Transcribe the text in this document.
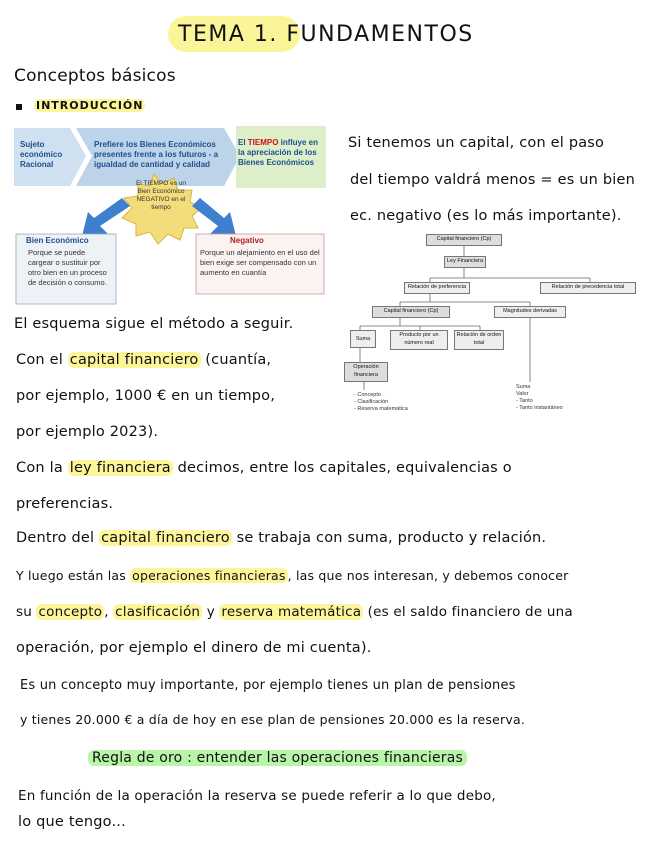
TEMA 1. FUNDAMENTOS
Conceptos básicos
INTRODUCCIÓN
Sujeto económico Racional
Prefiere los Bienes Económicos presentes frente a los futuros - a igualdad de cantidad y calidad
El TIEMPO influye en la apreciación de los Bienes Económicos
El TIEMPO es un Bien Económico NEGATIVO en el tiempo
Bien Económico
Porque se puede cargear o sustituir por otro bien en un proceso de decisión o consumo.
Negativo
Porque un alejamiento en el uso del bien exige ser compensado con un aumento en cuantía
Si tenemos un capital, con el paso
del tiempo valdrá menos = es un bien
ec. negativo (es lo más importante).
Capital financiero (Cp)
Ley Financiera
Relación de preferencia	Relación de precedencia total
Capital financiero (Cp)	Magnitudes derivadas
Suma
Producto por un número real
Relación de orden total
Operación financiera
- Concepto
- Clasificación
- Reserva matemática
Suma
Valor
- Tanto
- Tanto instantáneo
El esquema sigue el método a seguir.
Con el capital financiero (cuantía,
por ejemplo, 1000 € en un tiempo,
por ejemplo 2023).
Con la ley financiera decimos, entre los capitales, equivalencias o
preferencias.
Dentro del capital financiero se trabaja con suma, producto y relación.
Y luego están las operaciones financieras , las que nos interesan, y debemos conocer
su concepto , clasificación y reserva matemática (es el saldo financiero de una
operación, por ejemplo el dinero de mi cuenta).
Es un concepto muy importante, por ejemplo tienes un plan de pensiones
y tienes 20.000 € a día de hoy en ese plan de pensiones 20.000 es la reserva.
Regla de oro : entender las operaciones financieras
En función de la operación la reserva se puede referir a lo que debo,
lo que tengo...
